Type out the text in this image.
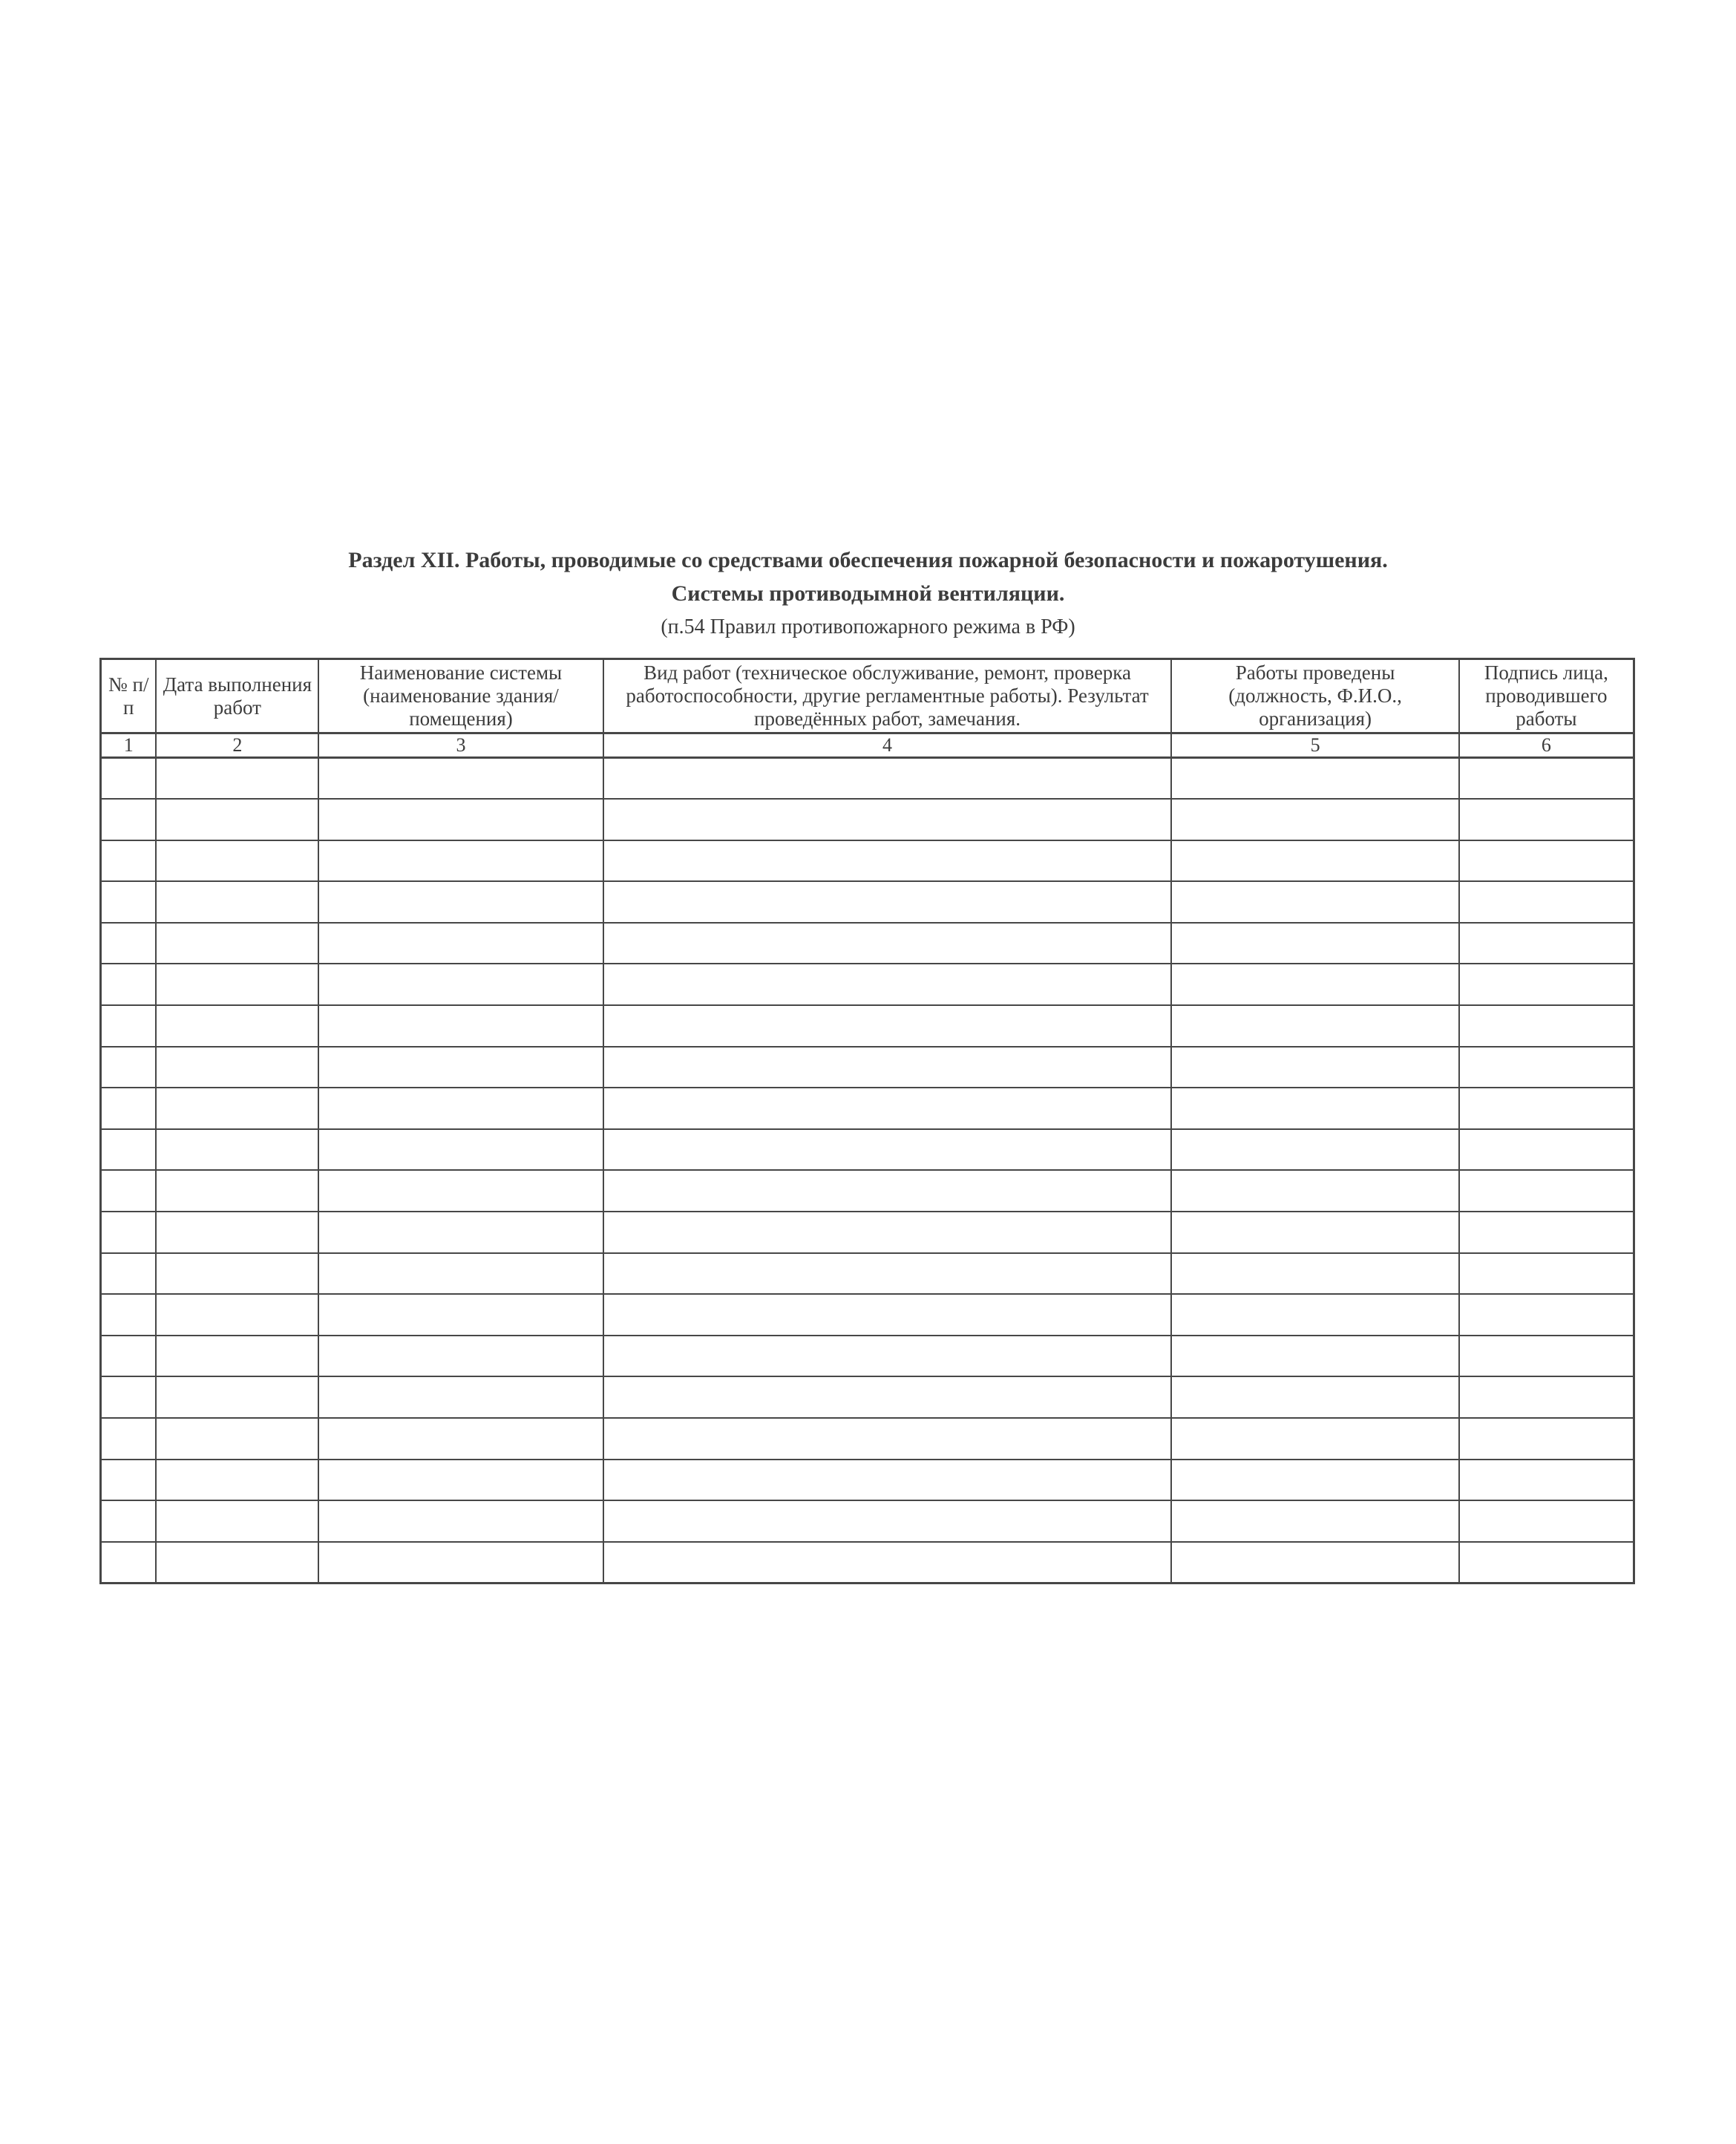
Раздел XII. Работы, проводимые со средствами обеспечения пожарной безопасности и пожаротушения.
Системы противодымной вентиляции.
(п.54 Правил противопожарного режима в РФ)
№ п/п	Дата выполнения работ	Наименование системы (наименование здания/ помещения)	Вид работ (техническое обслуживание, ремонт, проверка работоспособности, другие регламентные работы). Результат проведённых работ, замечания.	Работы проведены (должность, Ф.И.О., организация)	Подпись лица, проводившего работы

1	2	3	4	5	6
